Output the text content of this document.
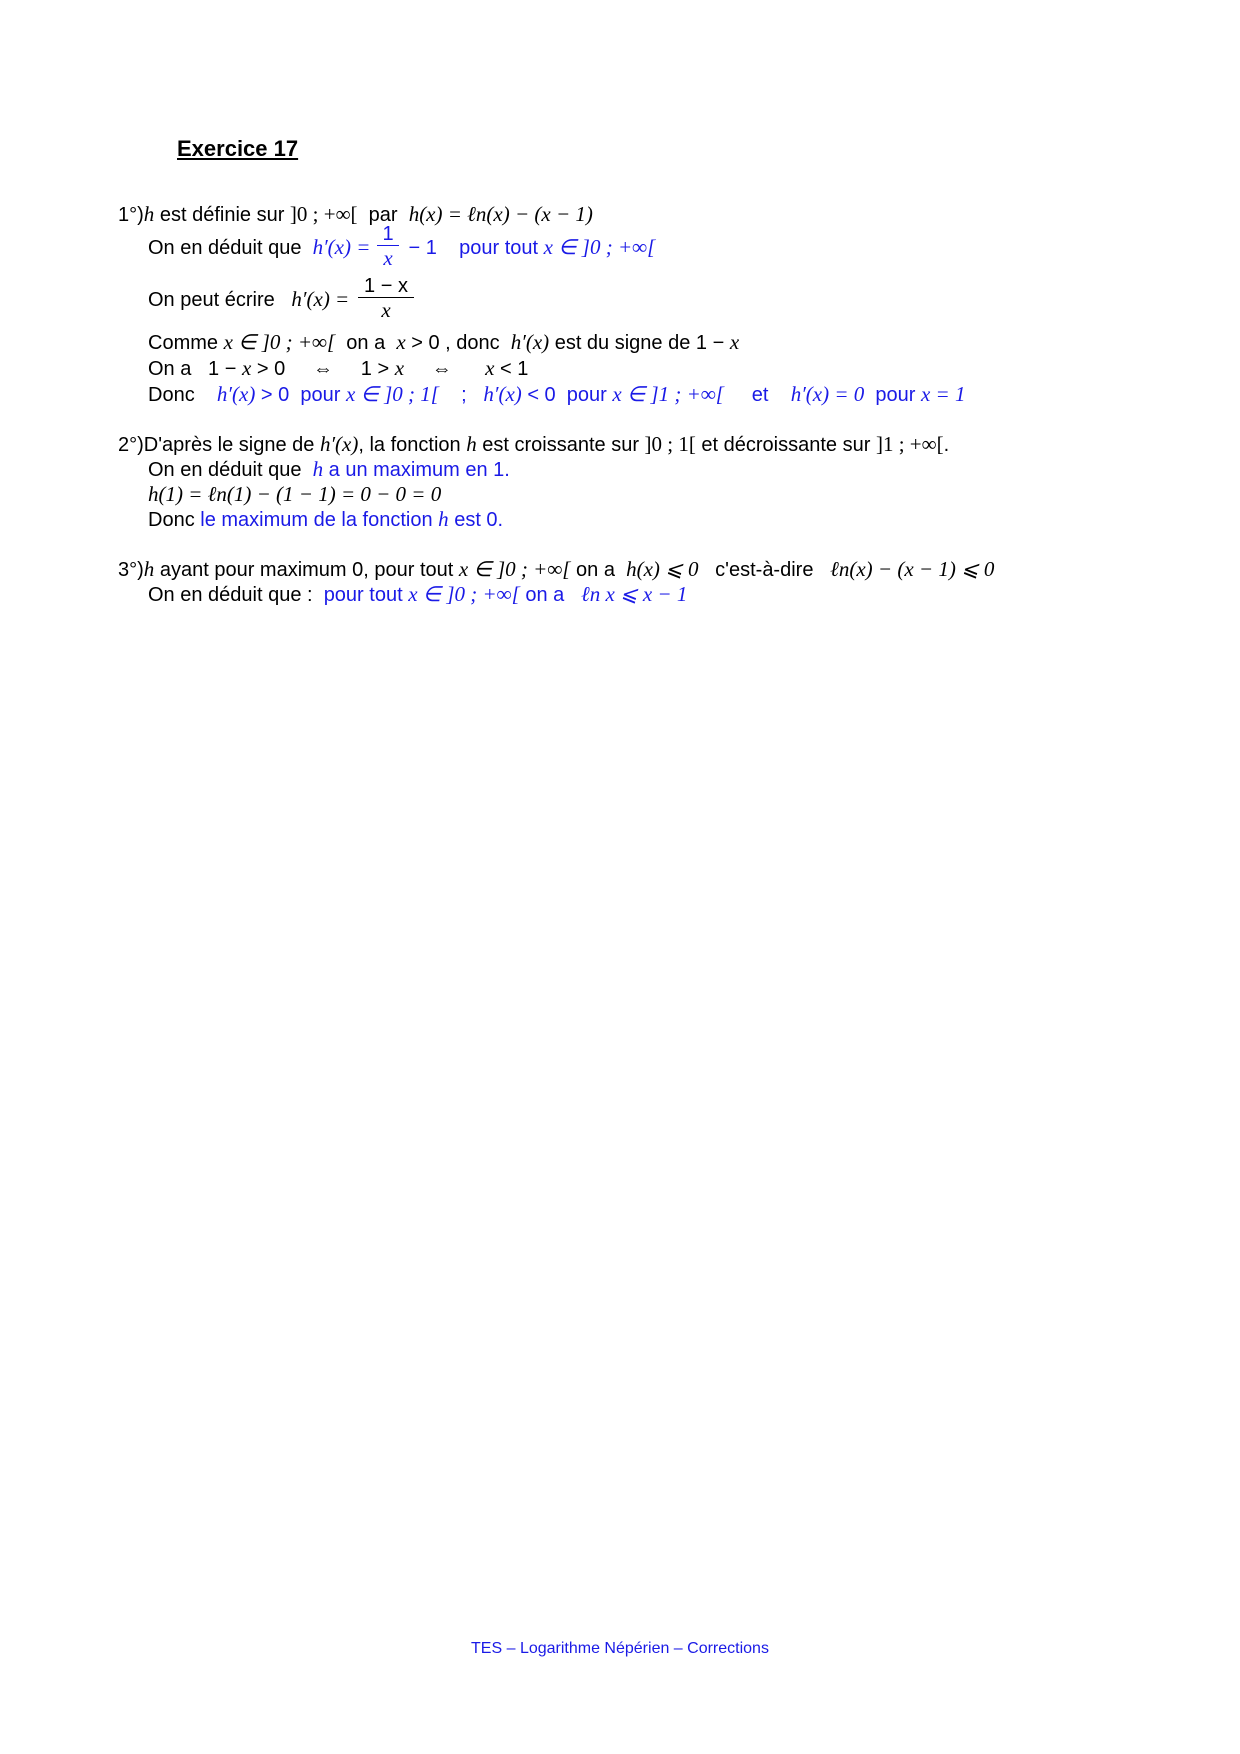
Exercice 17
1°)h est définie sur ]0 ; +∞[  par  h(x) = ℓn(x) − (x − 1)
On en déduit que  $h'(x) = \frac{1}{x} - 1$ pour tout x ∈ ]0 ; +∞[
On peut écrire   $h'(x) = \frac{1 - x}{x}$
Comme x ∈ ]0 ; +∞[  on a  x > 0 , donc  h′(x) est du signe de 1 − x
On a   1 − x > 0     ⇔     1 > x     ⇔      x < 1
Donc    h′(x) > 0  pour x ∈ ]0 ; 1[    ;   h′(x) < 0  pour x ∈ ]1 ; +∞[     et    h′(x) = 0  pour x = 1
2°)D'après le signe de h′(x), la fonction h est croissante sur ]0 ; 1[ et décroissante sur ]1 ; +∞[.
On en déduit que  h a un maximum en 1.
h(1) = ℓn(1) − (1 − 1) = 0 − 0 = 0
Donc le maximum de la fonction h est 0.
3°)h ayant pour maximum 0, pour tout x ∈ ]0 ; +∞[ on a  h(x) ⩽ 0   c'est-à-dire   ℓn(x) − (x − 1) ⩽ 0
On en déduit que :  pour tout x ∈ ]0 ; +∞[ on a   ℓn x ⩽ x − 1
TES – Logarithme Népérien – Corrections
